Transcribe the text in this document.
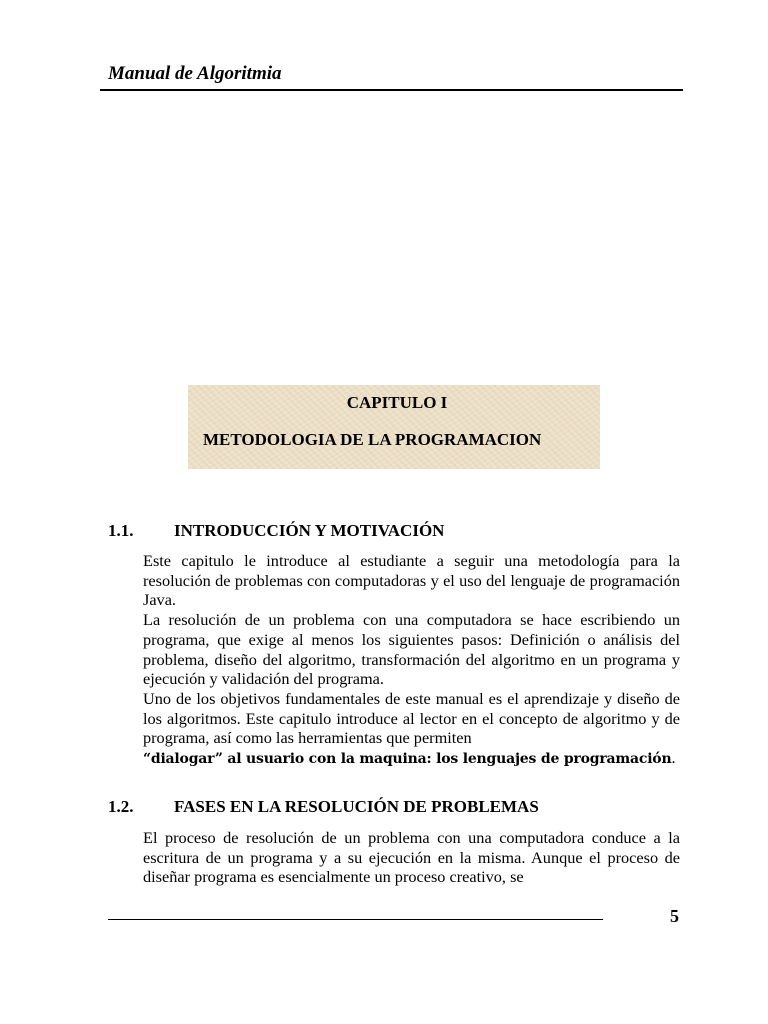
Manual de Algoritmia
CAPITULO I
METODOLOGIA DE LA PROGRAMACION
1.1. INTRODUCCIÓN Y MOTIVACIÓN

Este capitulo le introduce al estudiante a seguir una metodología para la resolución de problemas con computadoras y el uso del lenguaje de programación Java.

La resolución de un problema con una computadora se hace escribiendo un programa, que exige al menos los siguientes pasos: Definición o análisis del problema, diseño del algoritmo, transformación del algoritmo en un programa y ejecución y validación del programa.

Uno de los objetivos fundamentales de este manual es el aprendizaje y diseño de los algoritmos. Este capitulo introduce al lector en el concepto de algoritmo y de programa, así como las herramientas que permiten

“dialogar” al usuario con la maquina: los lenguajes de programación.

1.2. FASES EN LA RESOLUCIÓN DE PROBLEMAS

El proceso de resolución de un problema con una computadora conduce a la escritura de un programa y a su ejecución en la misma. Aunque el proceso de diseñar programa es esencialmente un proceso creativo, se

5
